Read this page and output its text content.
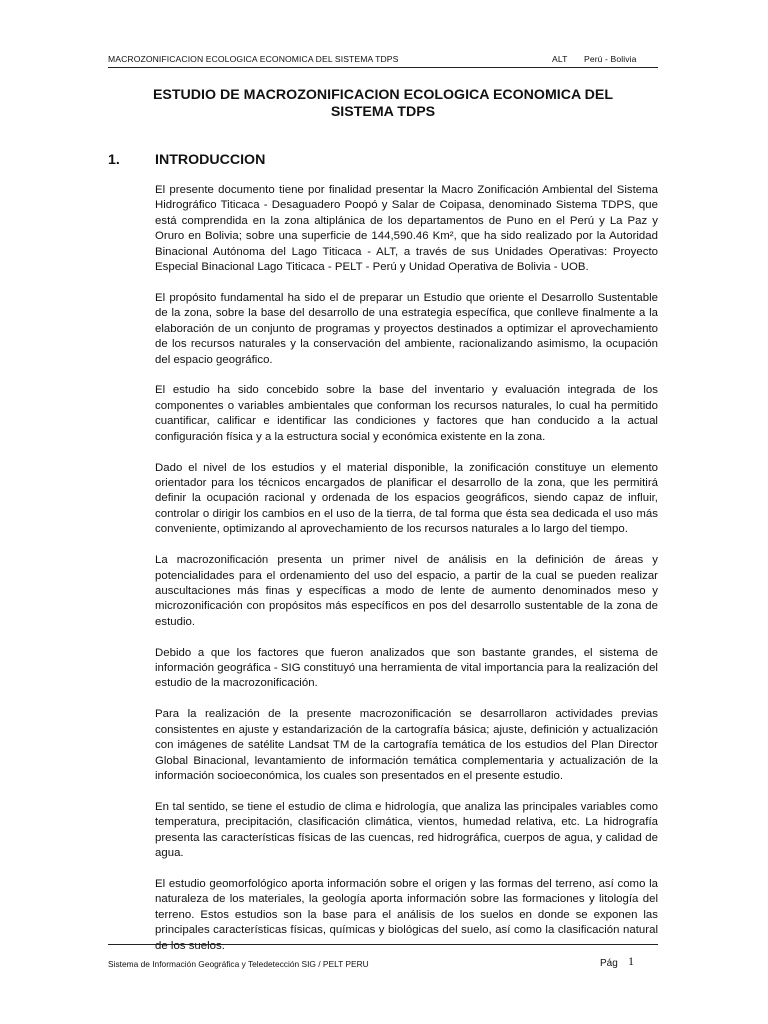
MACROZONIFICACION ECOLOGICA ECONOMICA DEL SISTEMA TDPS	ALT Perú - Bolivia
ESTUDIO DE MACROZONIFICACION ECOLOGICA ECONOMICA DEL
SISTEMA TDPS
1. INTRODUCCION

El presente documento tiene por finalidad presentar la Macro Zonificación Ambiental del Sistema Hidrográfico Titicaca - Desaguadero Poopó y Salar de Coipasa, denominado Sistema TDPS, que está comprendida en la zona altiplánica de los departamentos de Puno en el Perú y La Paz y Oruro en Bolivia; sobre una superficie de 144,590.46 Km², que ha sido realizado por la Autoridad Binacional Autónoma del Lago Titicaca - ALT, a través de sus Unidades Operativas: Proyecto Especial Binacional Lago Titicaca - PELT - Perú y Unidad Operativa de Bolivia - UOB.

El propósito fundamental ha sido el de preparar un Estudio que oriente el Desarrollo Sustentable de la zona, sobre la base del desarrollo de una estrategia específica, que conlleve finalmente a la elaboración de un conjunto de programas y proyectos destinados a optimizar el aprovechamiento de los recursos naturales y la conservación del ambiente, racionalizando asimismo, la ocupación del espacio geográfico.

El estudio ha sido concebido sobre la base del inventario y evaluación integrada de los componentes o variables ambientales que conforman los recursos naturales, lo cual ha permitido cuantificar, calificar e identificar las condiciones y factores que han conducido a la actual configuración física y a la estructura social y económica existente en la zona.

Dado el nivel de los estudios y el material disponible, la zonificación constituye un elemento orientador para los técnicos encargados de planificar el desarrollo de la zona, que les permitirá definir la ocupación racional y ordenada de los espacios geográficos, siendo capaz de influir, controlar o dirigir los cambios en el uso de la tierra, de tal forma que ésta sea dedicada el uso más conveniente, optimizando al aprovechamiento de los recursos naturales a lo largo del tiempo.

La macrozonificación presenta un primer nivel de análisis en la definición de áreas y potencialidades para el ordenamiento del uso del espacio, a partir de la cual se pueden realizar auscultaciones más finas y específicas a modo de lente de aumento denominados meso y microzonificación con propósitos más específicos en pos del desarrollo sustentable de la zona de estudio.

Debido a que los factores que fueron analizados que son bastante grandes, el sistema de información geográfica - SIG constituyó una herramienta de vital importancia para la realización del estudio de la macrozonificación.

Para la realización de la presente macrozonificación se desarrollaron actividades previas consistentes en ajuste y estandarización de la cartografía básica; ajuste, definición y actualización con imágenes de satélite Landsat TM de la cartografía temática de los estudios del Plan Director Global Binacional, levantamiento de información temática complementaria y actualización de la información socioeconómica, los cuales son presentados en el presente estudio.

En tal sentido, se tiene el estudio de clima e hidrología, que analiza las principales variables como temperatura, precipitación, clasificación climática, vientos, humedad relativa, etc. La hidrografía presenta las características físicas de las cuencas, red hidrográfica, cuerpos de agua, y calidad de agua.

El estudio geomorfológico aporta información sobre el origen y las formas del terreno, así como la naturaleza de los materiales, la geología aporta información sobre las formaciones y litología del terreno. Estos estudios son la base para el análisis de los suelos en donde se exponen las principales características físicas, químicas y biológicas del suelo, así como la clasificación natural de los suelos.

Sistema de Información Geográfica y Teledetección SIG / PELT PERU	Pág 1
